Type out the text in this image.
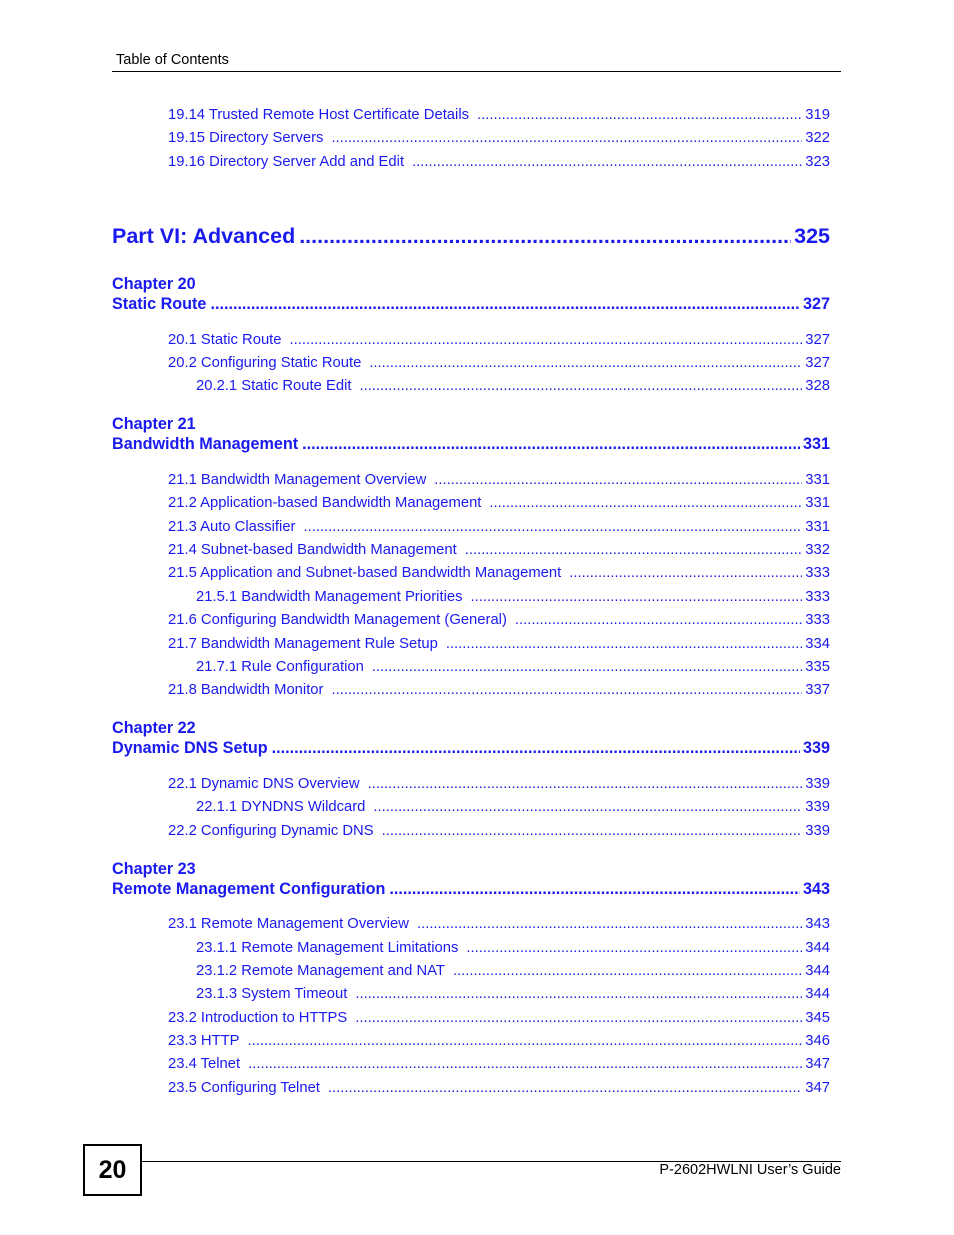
Table of Contents
19.14 Trusted Remote Host Certificate Details .....	319
19.15 Directory Servers .....	322
19.16 Directory Server Add and Edit .....	323
Part VI: Advanced .....	325
Chapter 20
Static Route .....	327
20.1 Static Route .....	327
20.2 Configuring Static Route .....	327
20.2.1 Static Route Edit .....	328
Chapter 21
Bandwidth Management .....	331
21.1 Bandwidth Management Overview .....	331
21.2 Application-based Bandwidth Management .....	331
21.3 Auto Classifier .....	331
21.4 Subnet-based Bandwidth Management .....	332
21.5 Application and Subnet-based Bandwidth Management .....	333
21.5.1 Bandwidth Management Priorities .....	333
21.6 Configuring Bandwidth Management (General) .....	333
21.7 Bandwidth Management Rule Setup .....	334
21.7.1 Rule Configuration .....	335
21.8 Bandwidth Monitor .....	337
Chapter 22
Dynamic DNS Setup .....	339
22.1 Dynamic DNS Overview .....	339
22.1.1 DYNDNS Wildcard .....	339
22.2 Configuring Dynamic DNS .....	339
Chapter 23
Remote Management Configuration .....	343
23.1 Remote Management Overview .....	343
23.1.1 Remote Management Limitations .....	344
23.1.2 Remote Management and NAT .....	344
23.1.3 System Timeout .....	344
23.2 Introduction to HTTPS .....	345
23.3 HTTP .....	346
23.4 Telnet .....	347
23.5 Configuring Telnet .....	347
20	P-2602HWLNI User’s Guide
